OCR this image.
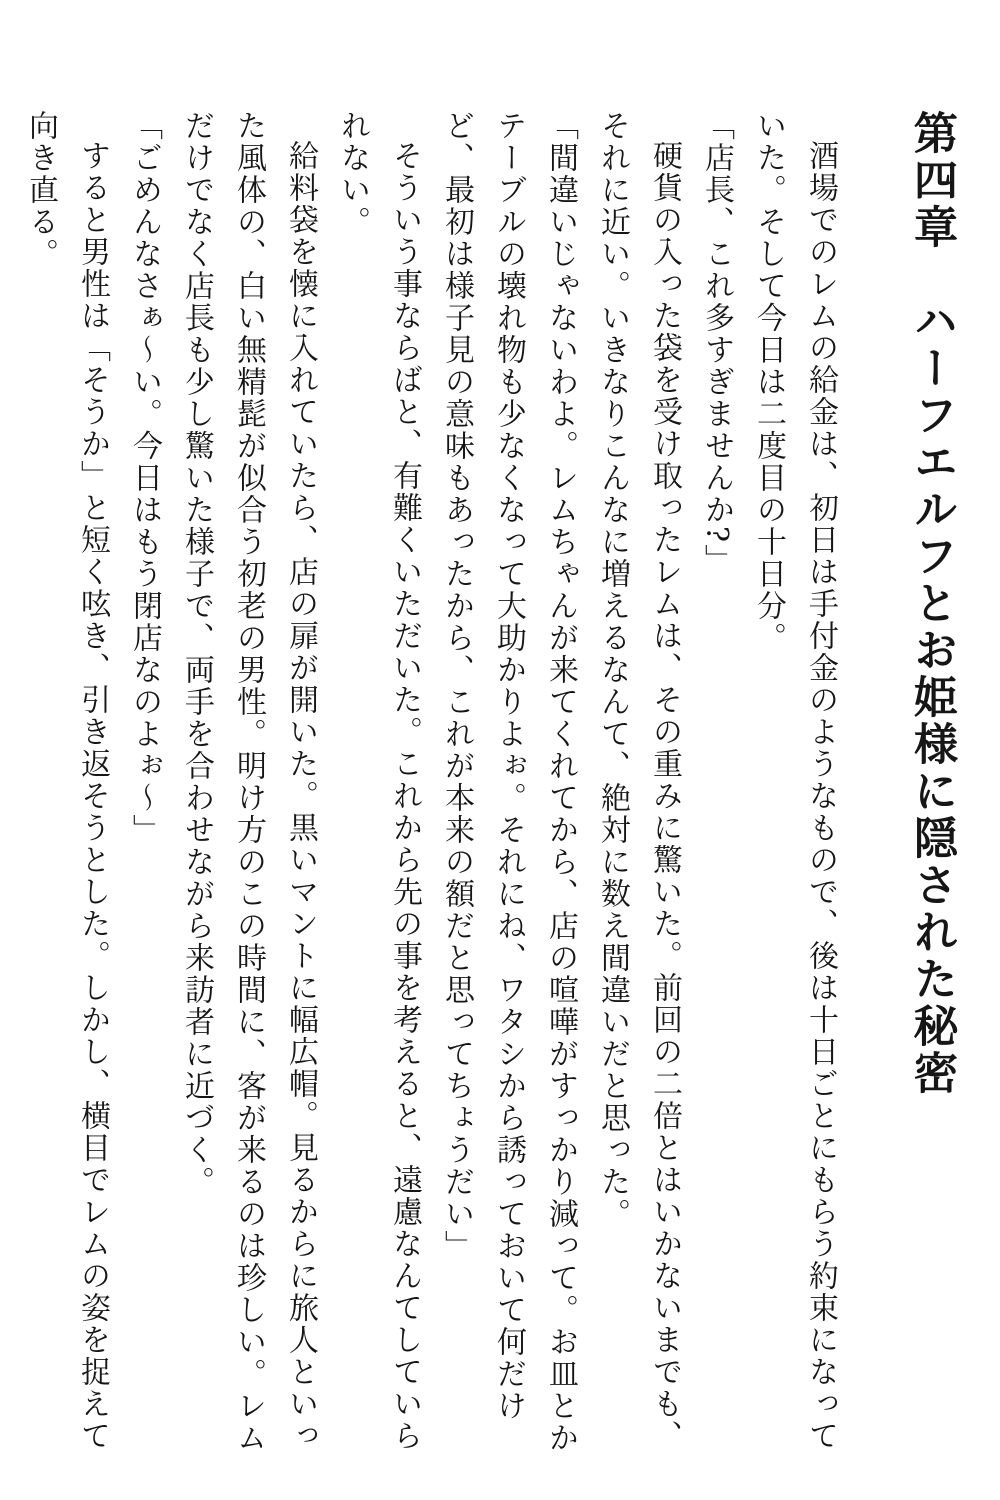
第四章　ハーフエルフとお姫様に隠された秘密

酒場でのレムの給金は、初日は手付金のようなもので、後は十日ごとにもらう約束になっていた。そして今日は二度目の十日分。

「店長、これ多すぎませんか?」

硬貨の入った袋を受け取ったレムは、その重みに驚いた。前回の二倍とはいかないまでも、それに近い。いきなりこんなに増えるなんて、絶対に数え間違いだと思った。

「間違いじゃないわよ。レムちゃんが来てくれてから、店の喧嘩がすっかり減って。お皿とかテーブルの壊れ物も少なくなって大助かりよぉ。それにね、ワタシから誘っておいて何だけど、最初は様子見の意味もあったから、これが本来の額だと思ってちょうだい」

そういう事ならばと、有難くいただいた。これから先の事を考えると、遠慮なんてしていられない。

給料袋を懐に入れていたら、店の扉が開いた。黒いマントに幅広帽。見るからに旅人といった風体の、白い無精髭が似合う初老の男性。明け方のこの時間に、客が来るのは珍しい。レムだけでなく店長も少し驚いた様子で、両手を合わせながら来訪者に近づく。

「ごめんなさぁ～い。今日はもう閉店なのよぉ～」

すると男性は「そうか」と短く呟き、引き返そうとした。しかし、横目でレムの姿を捉えて向き直る。
